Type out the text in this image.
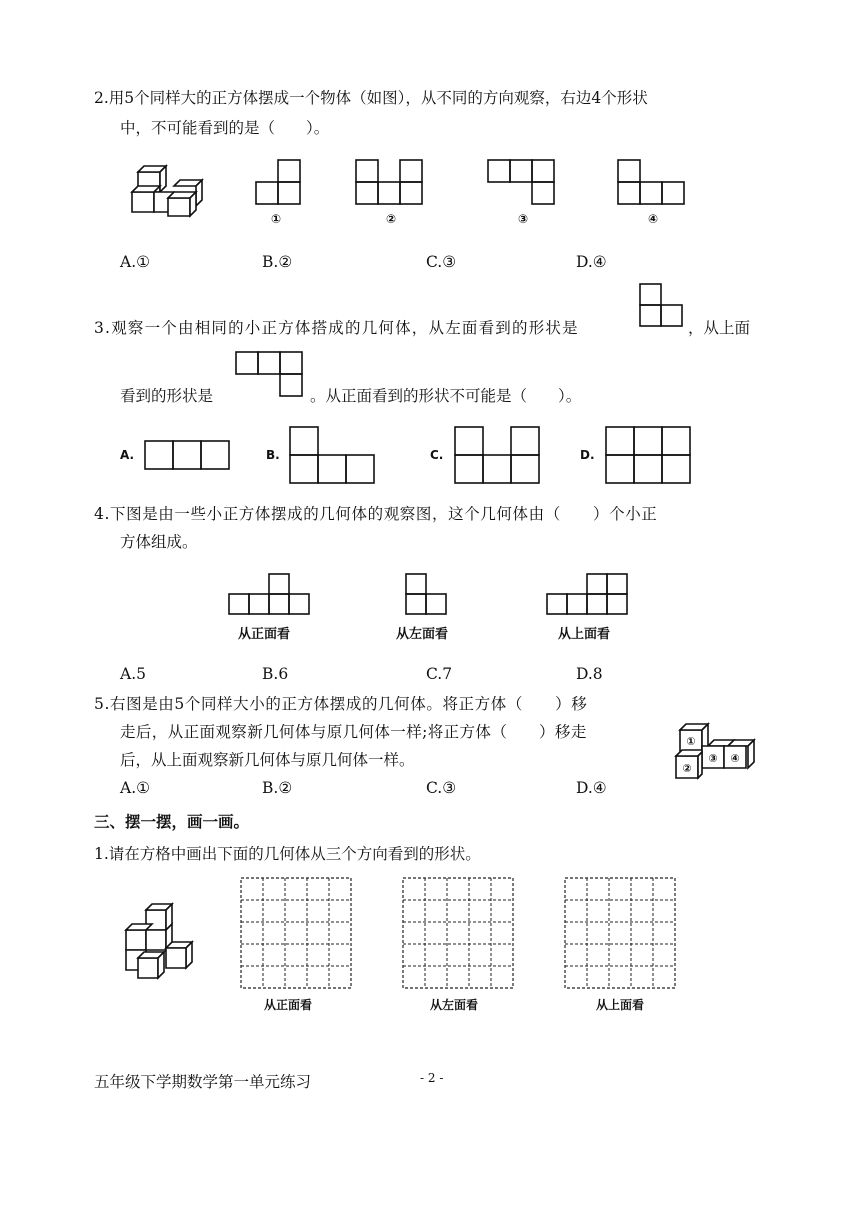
2.用5个同样大的正方体摆成一个物体（如图），从不同的方向观察，右边4个形状
中，不可能看到的是（　　）。
①	②	③	④
A.①	B.②	C.③	D.④
3.观察一个由相同的小正方体搭成的几何体，从左面看到的形状是	，从上面
看到的形状是	。从正面看到的形状不可能是（　　）。
A.	B.	C.	D.
4.下图是由一些小正方体摆成的几何体的观察图，这个几何体由（　　）个小正
方体组成。
从正面看	从左面看	从上面看
A.5	B.6	C.7	D.8
5.右图是由5个同样大小的正方体摆成的几何体。将正方体（　　）移
走后，从正面观察新几何体与原几何体一样;将正方体（　　）移走
后，从上面观察新几何体与原几何体一样。
①
②
③ ④
A.①	B.②	C.③	D.④
三、摆一摆，画一画。
1.请在方格中画出下面的几何体从三个方向看到的形状。
从正面看	从左面看	从上面看
五年级下学期数学第一单元练习	- 2 -
